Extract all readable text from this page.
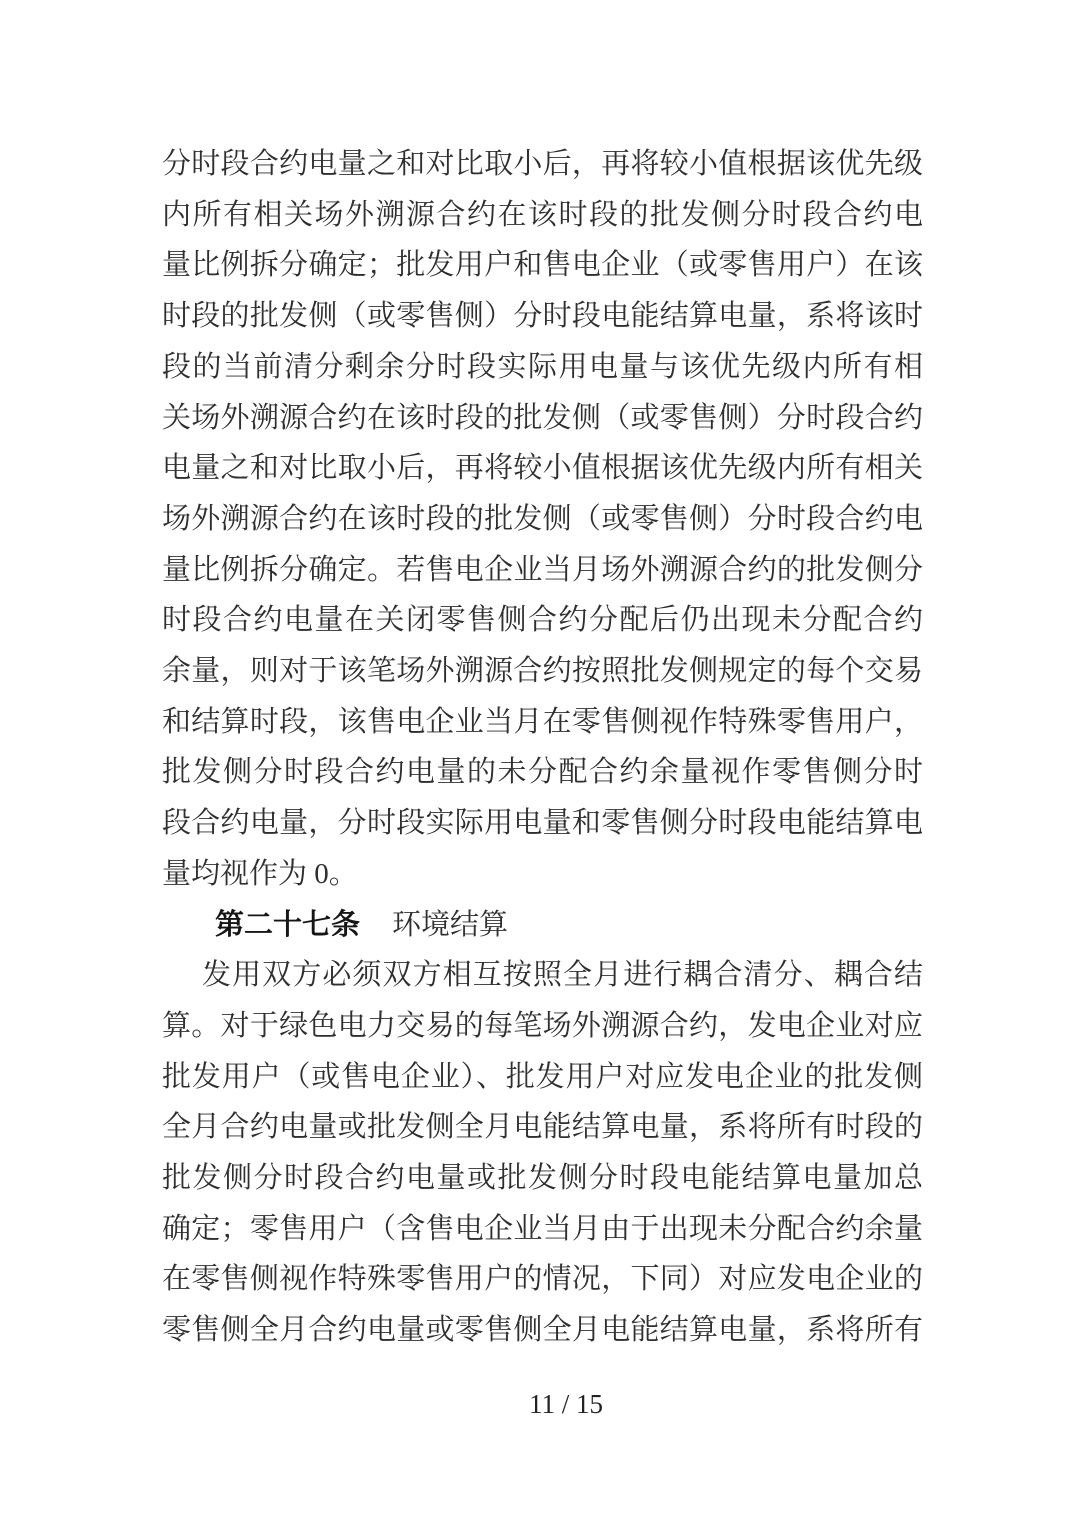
分时段合约电量之和对比取小后，再将较小值根据该优先级
内所有相关场外溯源合约在该时段的批发侧分时段合约电
量比例拆分确定；批发用户和售电企业（或零售用户）在该
时段的批发侧（或零售侧）分时段电能结算电量，系将该时
段的当前清分剩余分时段实际用电量与该优先级内所有相
关场外溯源合约在该时段的批发侧（或零售侧）分时段合约
电量之和对比取小后，再将较小值根据该优先级内所有相关
场外溯源合约在该时段的批发侧（或零售侧）分时段合约电
量比例拆分确定。若售电企业当月场外溯源合约的批发侧分
时段合约电量在关闭零售侧合约分配后仍出现未分配合约
余量，则对于该笔场外溯源合约按照批发侧规定的每个交易
和结算时段，该售电企业当月在零售侧视作特殊零售用户，
批发侧分时段合约电量的未分配合约余量视作零售侧分时
段合约电量，分时段实际用电量和零售侧分时段电能结算电
量均视作为 0。
第二十七条 环境结算
发用双方必须双方相互按照全月进行耦合清分、耦合结
算。对于绿色电力交易的每笔场外溯源合约，发电企业对应
批发用户（或售电企业）、批发用户对应发电企业的批发侧
全月合约电量或批发侧全月电能结算电量，系将所有时段的
批发侧分时段合约电量或批发侧分时段电能结算电量加总
确定；零售用户（含售电企业当月由于出现未分配合约余量
在零售侧视作特殊零售用户的情况，下同）对应发电企业的
零售侧全月合约电量或零售侧全月电能结算电量，系将所有
11 / 15
